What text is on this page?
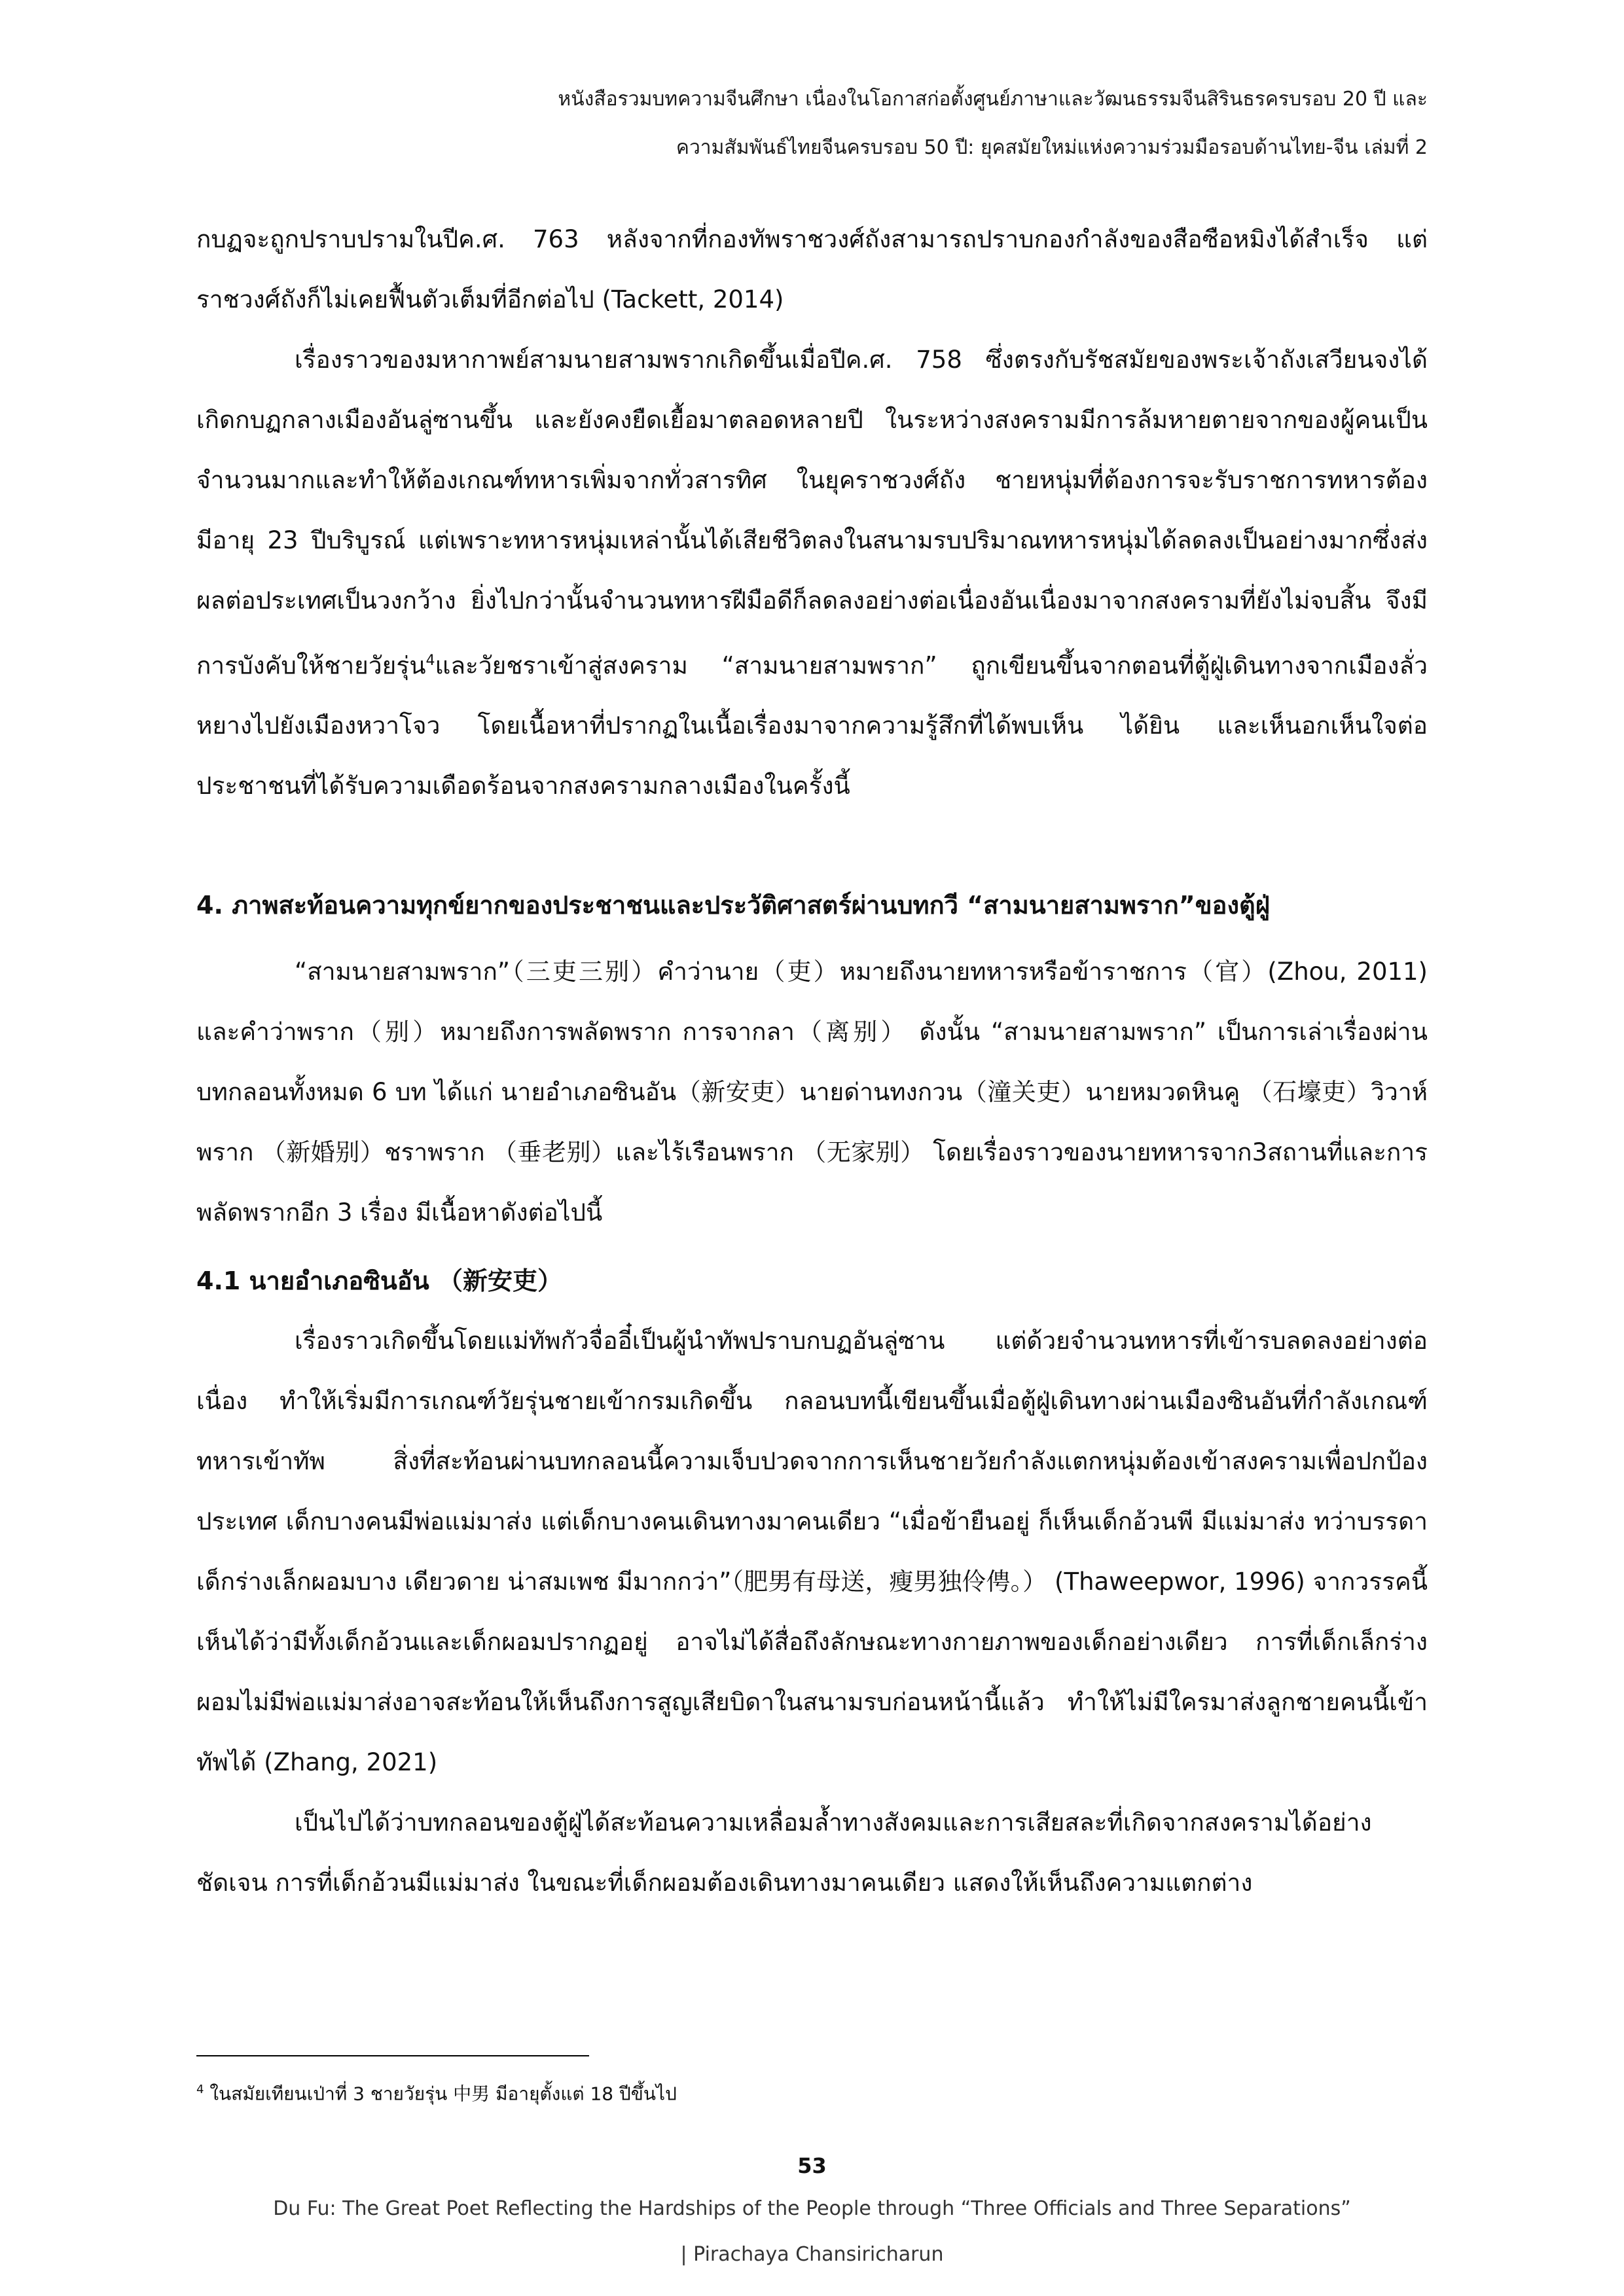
หนังสือรวมบทความจีนศึกษา เนื่องในโอกาสก่อตั้งศูนย์ภาษาและวัฒนธรรมจีนสิรินธรครบรอบ 20 ปี และ
ความสัมพันธ์ไทยจีนครบรอบ 50 ปี: ยุคสมัยใหม่แห่งความร่วมมือรอบด้านไทย-จีน เล่มที่ 2

กบฏจะถูกปราบปรามในปีค.ศ. 763 หลังจากที่กองทัพราชวงศ์ถังสามารถปราบกองกำลังของสือซือหมิงได้สำเร็จ แต่ราชวงศ์ถังก็ไม่เคยฟื้นตัวเต็มที่อีกต่อไป (Tackett, 2014)

เรื่องราวของมหากาพย์สามนายสามพรากเกิดขึ้นเมื่อปีค.ศ. 758 ซึ่งตรงกับรัชสมัยของพระเจ้าถังเสวียนจงได้เกิดกบฏกลางเมืองอันลู่ซานขึ้น และยังคงยืดเยื้อมาตลอดหลายปี ในระหว่างสงครามมีการล้มหายตายจากของผู้คนเป็นจำนวนมากและทำให้ต้องเกณฑ์ทหารเพิ่มจากทั่วสารทิศ ในยุคราชวงศ์ถัง ชายหนุ่มที่ต้องการจะรับราชการทหารต้องมีอายุ 23 ปีบริบูรณ์ แต่เพราะทหารหนุ่มเหล่านั้นได้เสียชีวิตลงในสนามรบปริมาณทหารหนุ่มได้ลดลงเป็นอย่างมากซึ่งส่งผลต่อประเทศเป็นวงกว้าง ยิ่งไปกว่านั้นจำนวนทหารฝีมือดีก็ลดลงอย่างต่อเนื่องอันเนื่องมาจากสงครามที่ยังไม่จบสิ้น จึงมีการบังคับให้ชายวัยรุ่น$^4$และวัยชราเข้าสู่สงคราม “สามนายสามพราก” ถูกเขียนขึ้นจากตอนที่ตู้ฝู่เดินทางจากเมืองลั่วหยางไปยังเมืองหวาโจว โดยเนื้อหาที่ปรากฏในเนื้อเรื่องมาจากความรู้สึกที่ได้พบเห็น ได้ยิน และเห็นอกเห็นใจต่อประชาชนที่ได้รับความเดือดร้อนจากสงครามกลางเมืองในครั้งนี้

4. ภาพสะท้อนความทุกข์ยากของประชาชนและประวัติศาสตร์ผ่านบทกวี “สามนายสามพราก”ของตู้ฝู่

“สามนายสามพราก”（三吏三别）คำว่านาย（吏）หมายถึงนายทหารหรือข้าราชการ（官）(Zhou, 2011) และคำว่าพราก（别）หมายถึงการพลัดพราก การจากลา（离别） ดังนั้น “สามนายสามพราก” เป็นการเล่าเรื่องผ่านบทกลอนทั้งหมด 6 บท ได้แก่ นายอำเภอซินอัน（新安吏）นายด่านทงกวน（潼关吏）นายหมวดหินคู （石壕吏）วิวาห์พราก （新婚别）ชราพราก （垂老别）และไร้เรือนพราก （无家别） โดยเรื่องราวของนายทหารจาก3สถานที่และการพลัดพรากอีก 3 เรื่อง มีเนื้อหาดังต่อไปนี้

4.1 นายอำเภอซินอัน （新安吏）

เรื่องราวเกิดขึ้นโดยแม่ทัพกัวจื่ออี๋เป็นผู้นำทัพปราบกบฏอันลู่ซาน แต่ด้วยจำนวนทหารที่เข้ารบลดลงอย่างต่อเนื่อง ทำให้เริ่มมีการเกณฑ์วัยรุ่นชายเข้ากรมเกิดขึ้น กลอนบทนี้เขียนขึ้นเมื่อตู้ฝู่เดินทางผ่านเมืองซินอันที่กำลังเกณฑ์ทหารเข้าทัพ สิ่งที่สะท้อนผ่านบทกลอนนี้ความเจ็บปวดจากการเห็นชายวัยกำลังแตกหนุ่มต้องเข้าสงครามเพื่อปกป้องประเทศ เด็กบางคนมีพ่อแม่มาส่ง แต่เด็กบางคนเดินทางมาคนเดียว “เมื่อข้ายืนอยู่ ก็เห็นเด็กอ้วนพี มีแม่มาส่ง ทว่าบรรดา เด็กร่างเล็กผอมบาง เดียวดาย น่าสมเพช มีมากกว่า”（肥男有母送，瘦男独伶俜。） (Thaweepwor, 1996) จากวรรคนี้เห็นได้ว่ามีทั้งเด็กอ้วนและเด็กผอมปรากฏอยู่ อาจไม่ได้สื่อถึงลักษณะทางกายภาพของเด็กอย่างเดียว การที่เด็กเล็กร่างผอมไม่มีพ่อแม่มาส่งอาจสะท้อนให้เห็นถึงการสูญเสียบิดาในสนามรบก่อนหน้านี้แล้ว ทำให้ไม่มีใครมาส่งลูกชายคนนี้เข้าทัพได้ (Zhang, 2021)

เป็นไปได้ว่าบทกลอนของตู้ฝู่ได้สะท้อนความเหลื่อมล้ำทางสังคมและการเสียสละที่เกิดจากสงครามได้อย่างชัดเจน การที่เด็กอ้วนมีแม่มาส่ง ในขณะที่เด็กผอมต้องเดินทางมาคนเดียว แสดงให้เห็นถึงความแตกต่าง

$^4$ ในสมัยเทียนเป่าที่ 3 ชายวัยรุ่น 中男 มีอายุตั้งแต่ 18 ปีขึ้นไป
53
Du Fu: The Great Poet Reflecting the Hardships of the People through “Three Officials and Three Separations”
| Pirachaya Chansiricharun
